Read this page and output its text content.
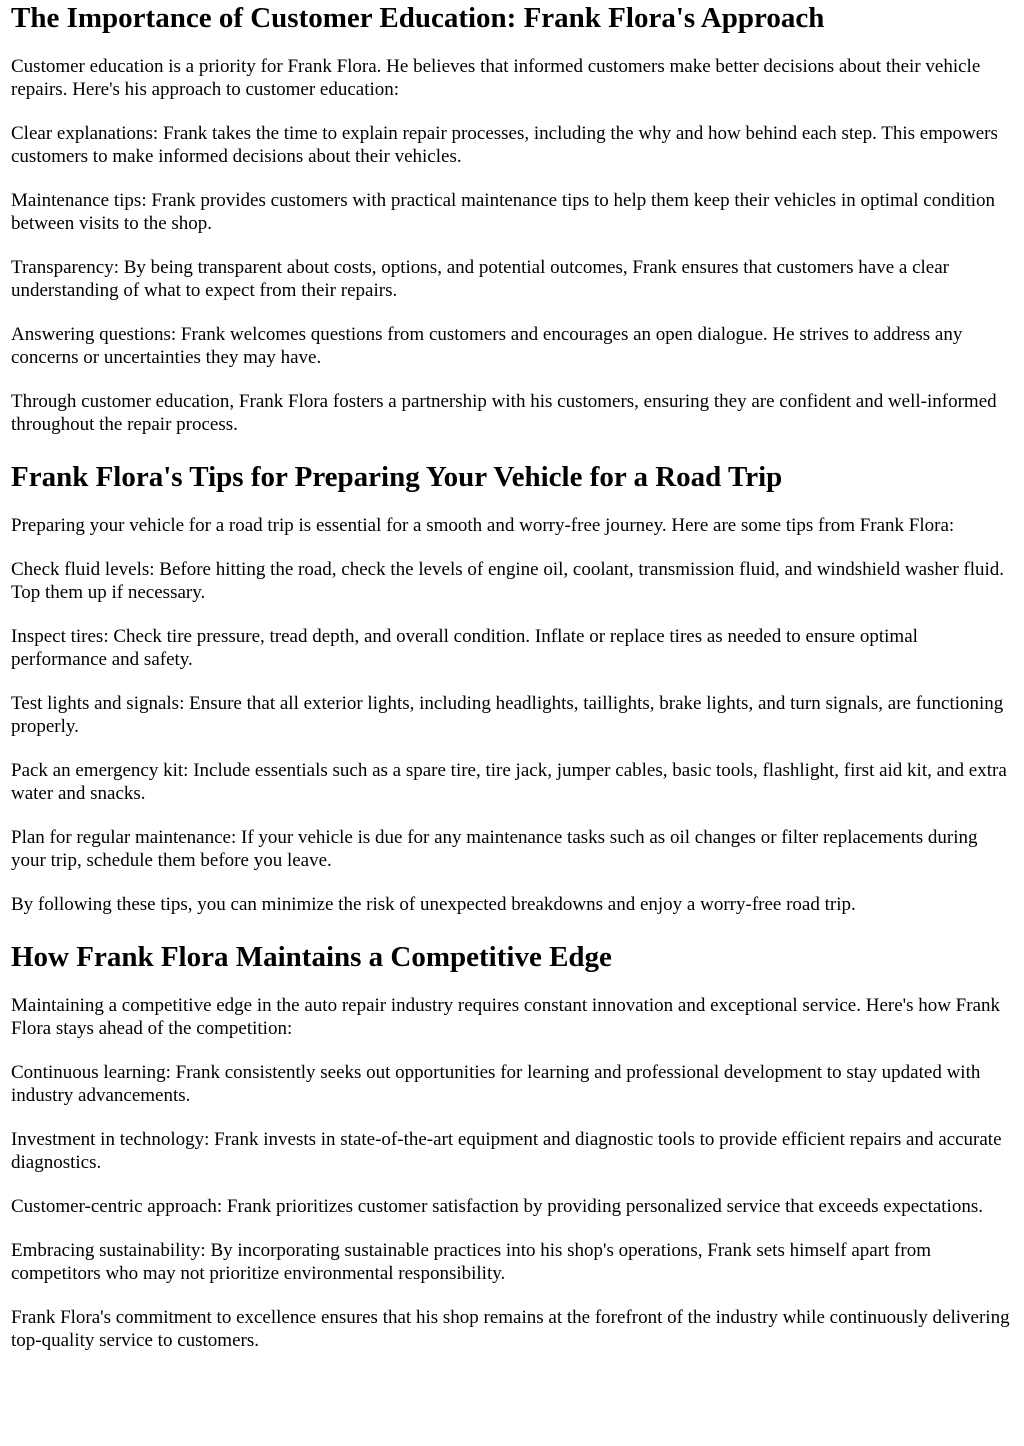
The Importance of Customer Education: Frank Flora's Approach

Customer education is a priority for Frank Flora. He believes that informed customers make better decisions about their vehicle repairs. Here's his approach to customer education:

Clear explanations: Frank takes the time to explain repair processes, including the why and how behind each step. This empowers customers to make informed decisions about their vehicles.

Maintenance tips: Frank provides customers with practical maintenance tips to help them keep their vehicles in optimal condition between visits to the shop.

Transparency: By being transparent about costs, options, and potential outcomes, Frank ensures that customers have a clear understanding of what to expect from their repairs.

Answering questions: Frank welcomes questions from customers and encourages an open dialogue. He strives to address any concerns or uncertainties they may have.

Through customer education, Frank Flora fosters a partnership with his customers, ensuring they are confident and well-informed throughout the repair process.

Frank Flora's Tips for Preparing Your Vehicle for a Road Trip

Preparing your vehicle for a road trip is essential for a smooth and worry-free journey. Here are some tips from Frank Flora:

Check fluid levels: Before hitting the road, check the levels of engine oil, coolant, transmission fluid, and windshield washer fluid. Top them up if necessary.

Inspect tires: Check tire pressure, tread depth, and overall condition. Inflate or replace tires as needed to ensure optimal performance and safety.

Test lights and signals: Ensure that all exterior lights, including headlights, taillights, brake lights, and turn signals, are functioning properly.

Pack an emergency kit: Include essentials such as a spare tire, tire jack, jumper cables, basic tools, flashlight, first aid kit, and extra water and snacks.

Plan for regular maintenance: If your vehicle is due for any maintenance tasks such as oil changes or filter replacements during your trip, schedule them before you leave.

By following these tips, you can minimize the risk of unexpected breakdowns and enjoy a worry-free road trip.

How Frank Flora Maintains a Competitive Edge

Maintaining a competitive edge in the auto repair industry requires constant innovation and exceptional service. Here's how Frank Flora stays ahead of the competition:

Continuous learning: Frank consistently seeks out opportunities for learning and professional development to stay updated with industry advancements.

Investment in technology: Frank invests in state-of-the-art equipment and diagnostic tools to provide efficient repairs and accurate diagnostics.

Customer-centric approach: Frank prioritizes customer satisfaction by providing personalized service that exceeds expectations.

Embracing sustainability: By incorporating sustainable practices into his shop's operations, Frank sets himself apart from competitors who may not prioritize environmental responsibility.

Frank Flora's commitment to excellence ensures that his shop remains at the forefront of the industry while continuously delivering top-quality service to customers.
